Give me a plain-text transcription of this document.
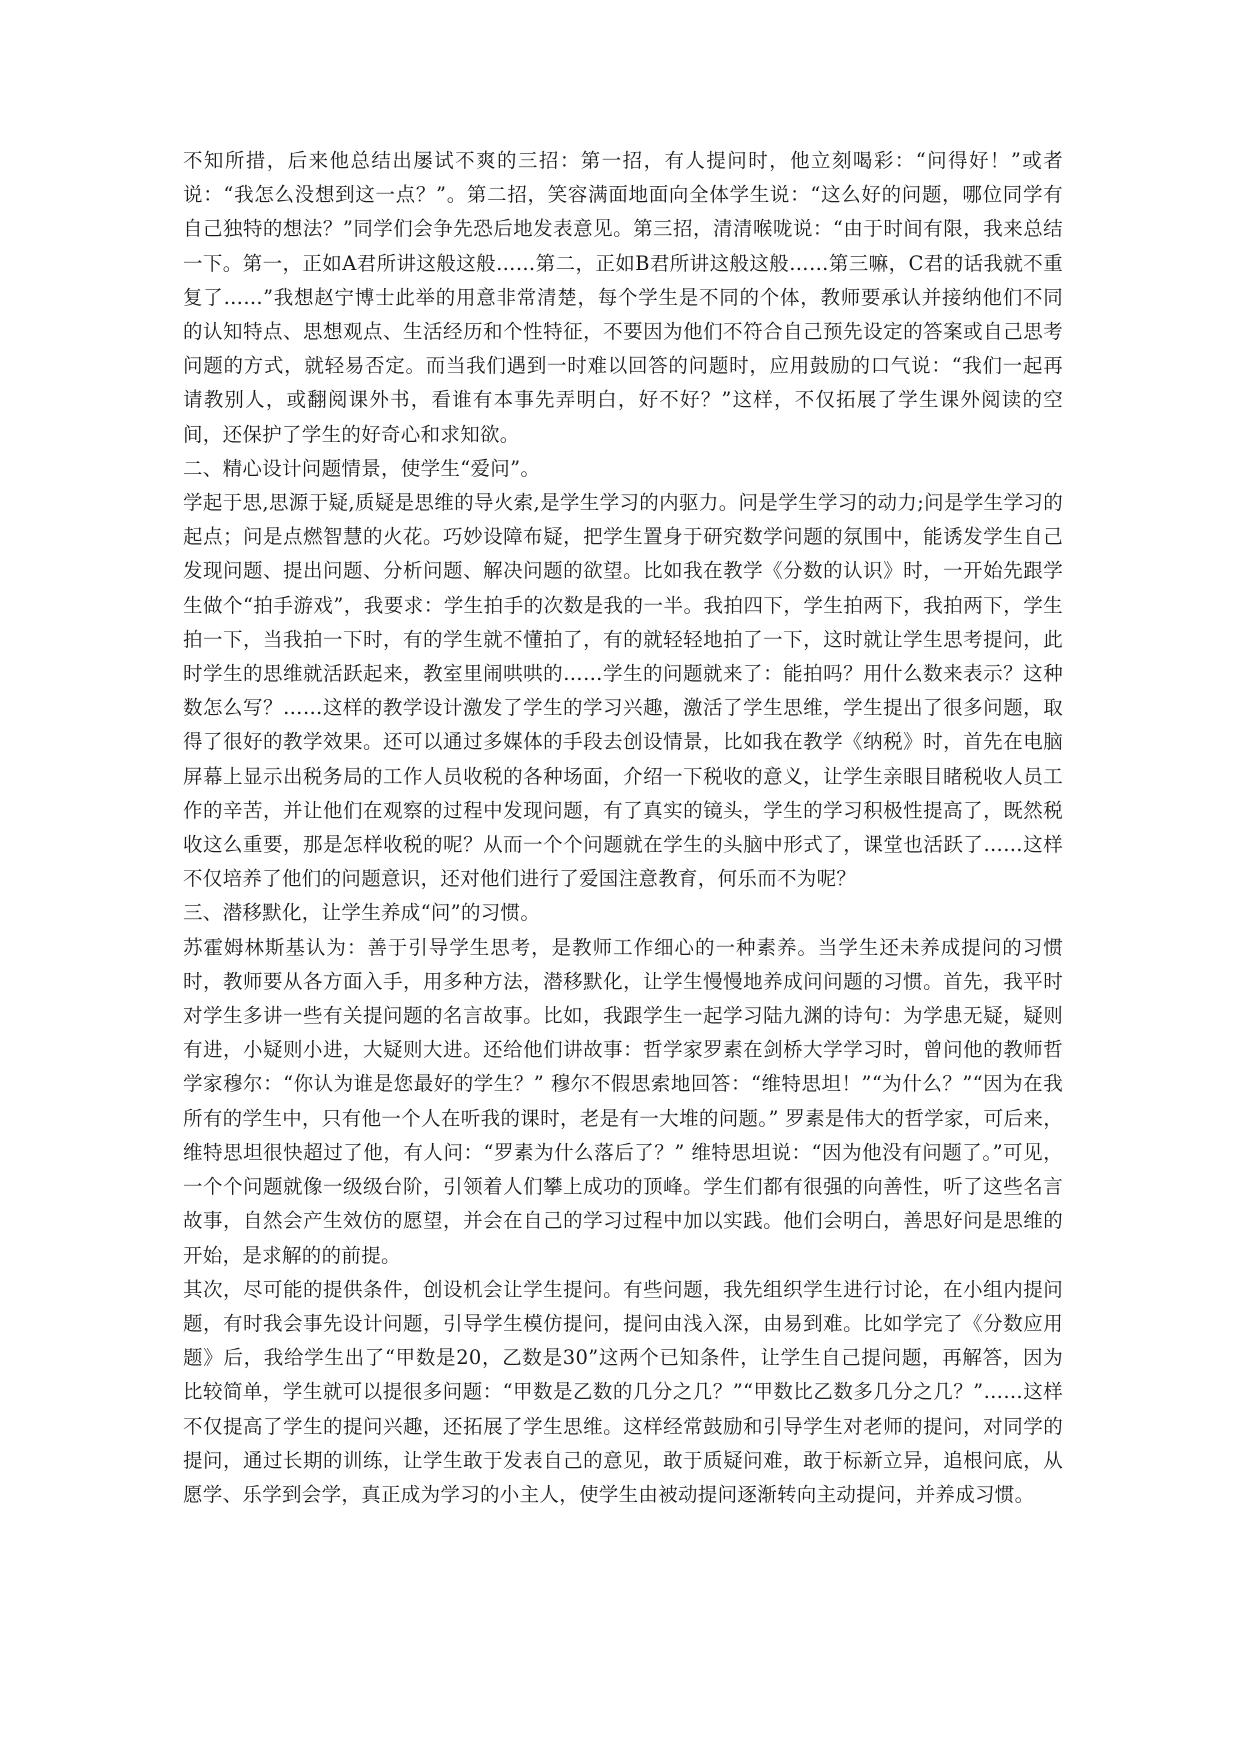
不知所措，后来他总结出屡试不爽的三招：第一招，有人提问时，他立刻喝彩：“问得好！”或者说：“我怎么没想到这一点？”。第二招，笑容满面地面向全体学生说：“这么好的问题，哪位同学有自己独特的想法？”同学们会争先恐后地发表意见。第三招，清清喉咙说：“由于时间有限，我来总结一下。第一，正如A君所讲这般这般……第二，正如B君所讲这般这般……第三嘛，C君的话我就不重复了……”我想赵宁博士此举的用意非常清楚，每个学生是不同的个体，教师要承认并接纳他们不同的认知特点、思想观点、生活经历和个性特征，不要因为他们不符合自己预先设定的答案或自己思考问题的方式，就轻易否定。而当我们遇到一时难以回答的问题时，应用鼓励的口气说：“我们一起再请教别人，或翻阅课外书，看谁有本事先弄明白，好不好？”这样，不仅拓展了学生课外阅读的空间，还保护了学生的好奇心和求知欲。

二、精心设计问题情景，使学生“爱问”。

学起于思,思源于疑,质疑是思维的导火索,是学生学习的内驱力。问是学生学习的动力;问是学生学习的起点；问是点燃智慧的火花。巧妙设障布疑，把学生置身于研究数学问题的氛围中，能诱发学生自己发现问题、提出问题、分析问题、解决问题的欲望。比如我在教学《分数的认识》时，一开始先跟学生做个“拍手游戏”，我要求：学生拍手的次数是我的一半。我拍四下，学生拍两下，我拍两下，学生拍一下，当我拍一下时，有的学生就不懂拍了，有的就轻轻地拍了一下，这时就让学生思考提问，此时学生的思维就活跃起来，教室里闹哄哄的……学生的问题就来了：能拍吗？用什么数来表示？这种数怎么写？……这样的教学设计激发了学生的学习兴趣，激活了学生思维，学生提出了很多问题，取得了很好的教学效果。还可以通过多媒体的手段去创设情景，比如我在教学《纳税》时，首先在电脑屏幕上显示出税务局的工作人员收税的各种场面，介绍一下税收的意义，让学生亲眼目睹税收人员工作的辛苦，并让他们在观察的过程中发现问题，有了真实的镜头，学生的学习积极性提高了，既然税收这么重要，那是怎样收税的呢？从而一个个问题就在学生的头脑中形式了，课堂也活跃了……这样不仅培养了他们的问题意识，还对他们进行了爱国注意教育，何乐而不为呢？

三、潜移默化，让学生养成“问”的习惯。

苏霍姆林斯基认为：善于引导学生思考，是教师工作细心的一种素养。当学生还未养成提问的习惯时，教师要从各方面入手，用多种方法，潜移默化，让学生慢慢地养成问问题的习惯。首先，我平时对学生多讲一些有关提问题的名言故事。比如，我跟学生一起学习陆九渊的诗句：为学患无疑，疑则有进，小疑则小进，大疑则大进。还给他们讲故事：哲学家罗素在剑桥大学学习时，曾问他的教师哲学家穆尔：“你认为谁是您最好的学生？” 穆尔不假思索地回答：“维特思坦！”“为什么？”“因为在我所有的学生中，只有他一个人在听我的课时，老是有一大堆的问题。” 罗素是伟大的哲学家，可后来，维特思坦很快超过了他，有人问：“罗素为什么落后了？” 维特思坦说：“因为他没有问题了。”可见，一个个问题就像一级级台阶，引领着人们攀上成功的顶峰。学生们都有很强的向善性，听了这些名言故事，自然会产生效仿的愿望，并会在自己的学习过程中加以实践。他们会明白，善思好问是思维的开始，是求解的的前提。

其次，尽可能的提供条件，创设机会让学生提问。有些问题，我先组织学生进行讨论，在小组内提问题，有时我会事先设计问题，引导学生模仿提问，提问由浅入深，由易到难。比如学完了《分数应用题》后，我给学生出了“甲数是20，乙数是30”这两个已知条件，让学生自己提问题，再解答，因为比较简单，学生就可以提很多问题：“甲数是乙数的几分之几？”“甲数比乙数多几分之几？”……这样不仅提高了学生的提问兴趣，还拓展了学生思维。这样经常鼓励和引导学生对老师的提问，对同学的提问，通过长期的训练，让学生敢于发表自己的意见，敢于质疑问难，敢于标新立异，追根问底，从愿学、乐学到会学，真正成为学习的小主人，使学生由被动提问逐渐转向主动提问，并养成习惯。
